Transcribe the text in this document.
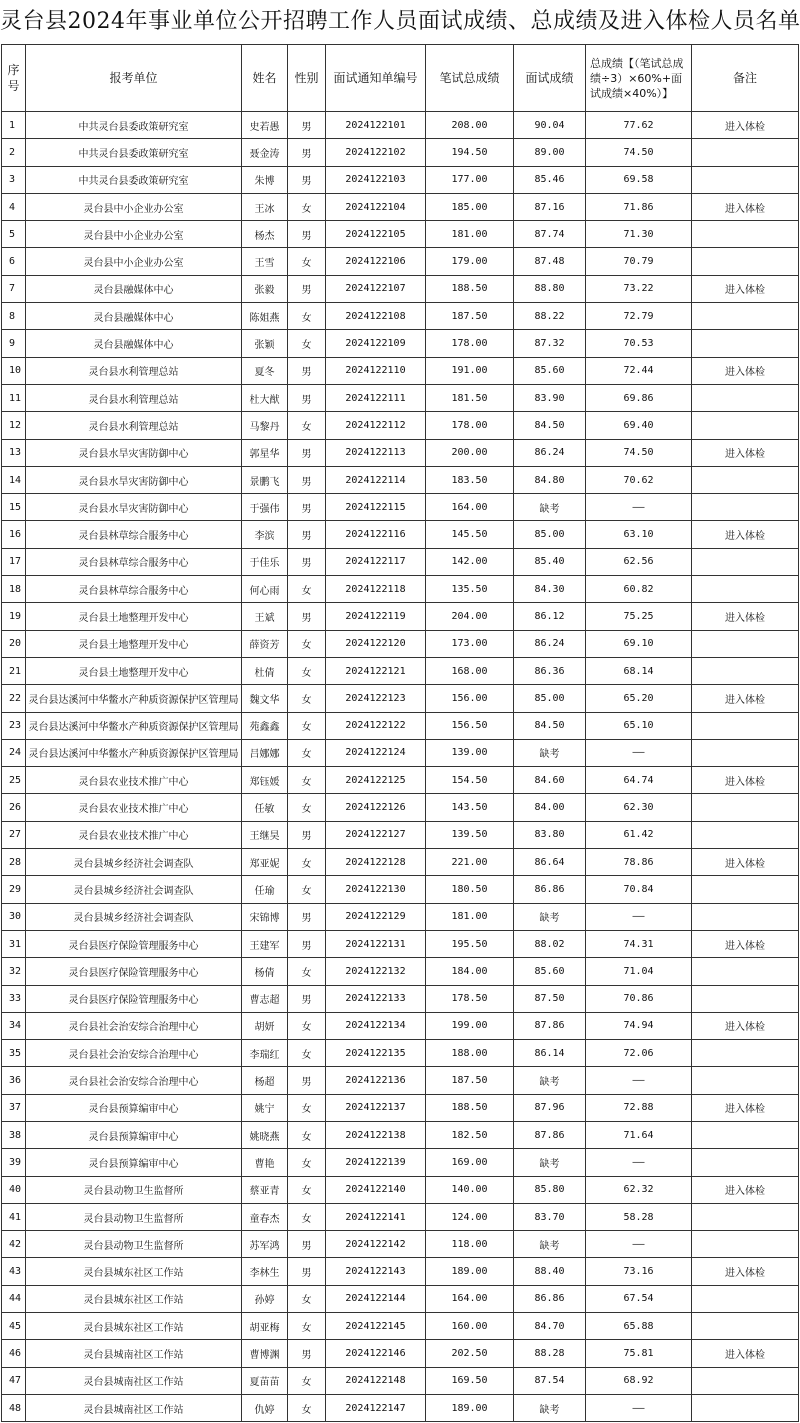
灵台县2024年事业单位公开招聘工作人员面试成绩、总成绩及进入体检人员名单
序号	报考单位	姓名	性别	面试通知单编号	笔试总成绩	面试成绩	总成绩【（笔试总成绩÷3）×60%+面试成绩×40%）】	备注
1	中共灵台县委政策研究室	史若愚	男	2024122101	208.00	90.04	77.62	进入体检
2	中共灵台县委政策研究室	聂金涛	男	2024122102	194.50	89.00	74.50	
3	中共灵台县委政策研究室	朱博	男	2024122103	177.00	85.46	69.58	
4	灵台县中小企业办公室	王冰	女	2024122104	185.00	87.16	71.86	进入体检
5	灵台县中小企业办公室	杨杰	男	2024122105	181.00	87.74	71.30	
6	灵台县中小企业办公室	王雪	女	2024122106	179.00	87.48	70.79	
7	灵台县融媒体中心	张毅	男	2024122107	188.50	88.80	73.22	进入体检
8	灵台县融媒体中心	陈姐燕	女	2024122108	187.50	88.22	72.79	
9	灵台县融媒体中心	张颖	女	2024122109	178.00	87.32	70.53	
10	灵台县水利管理总站	夏冬	男	2024122110	191.00	85.60	72.44	进入体检
11	灵台县水利管理总站	杜大猷	男	2024122111	181.50	83.90	69.86	
12	灵台县水利管理总站	马黎丹	女	2024122112	178.00	84.50	69.40	
13	灵台县水旱灾害防御中心	郭星华	男	2024122113	200.00	86.24	74.50	进入体检
14	灵台县水旱灾害防御中心	景鹏飞	男	2024122114	183.50	84.80	70.62	
15	灵台县水旱灾害防御中心	于强伟	男	2024122115	164.00	缺考	——	
16	灵台县林草综合服务中心	李滨	男	2024122116	145.50	85.00	63.10	进入体检
17	灵台县林草综合服务中心	于佳乐	男	2024122117	142.00	85.40	62.56	
18	灵台县林草综合服务中心	何心雨	女	2024122118	135.50	84.30	60.82	
19	灵台县土地整理开发中心	王斌	男	2024122119	204.00	86.12	75.25	进入体检
20	灵台县土地整理开发中心	薛资芳	女	2024122120	173.00	86.24	69.10	
21	灵台县土地整理开发中心	杜倩	女	2024122121	168.00	86.36	68.14	
22	灵台县达溪河中华鳖水产种质资源保护区管理局	魏文华	女	2024122123	156.00	85.00	65.20	进入体检
23	灵台县达溪河中华鳖水产种质资源保护区管理局	苑鑫鑫	女	2024122122	156.50	84.50	65.10	
24	灵台县达溪河中华鳖水产种质资源保护区管理局	吕娜娜	女	2024122124	139.00	缺考	——	
25	灵台县农业技术推广中心	郑钰媛	女	2024122125	154.50	84.60	64.74	进入体检
26	灵台县农业技术推广中心	任敏	女	2024122126	143.50	84.00	62.30	
27	灵台县农业技术推广中心	王继昊	男	2024122127	139.50	83.80	61.42	
28	灵台县城乡经济社会调查队	郑亚妮	女	2024122128	221.00	86.64	78.86	进入体检
29	灵台县城乡经济社会调查队	任瑜	女	2024122130	180.50	86.86	70.84	
30	灵台县城乡经济社会调查队	宋锦博	男	2024122129	181.00	缺考	——	
31	灵台县医疗保险管理服务中心	王建军	男	2024122131	195.50	88.02	74.31	进入体检
32	灵台县医疗保险管理服务中心	杨倩	女	2024122132	184.00	85.60	71.04	
33	灵台县医疗保险管理服务中心	曹志超	男	2024122133	178.50	87.50	70.86	
34	灵台县社会治安综合治理中心	胡妍	女	2024122134	199.00	87.86	74.94	进入体检
35	灵台县社会治安综合治理中心	李瑞红	女	2024122135	188.00	86.14	72.06	
36	灵台县社会治安综合治理中心	杨超	男	2024122136	187.50	缺考	——	
37	灵台县预算编审中心	姚宁	女	2024122137	188.50	87.96	72.88	进入体检
38	灵台县预算编审中心	姚晓燕	女	2024122138	182.50	87.86	71.64	
39	灵台县预算编审中心	曹艳	女	2024122139	169.00	缺考	——	
40	灵台县动物卫生监督所	蔡亚青	女	2024122140	140.00	85.80	62.32	进入体检
41	灵台县动物卫生监督所	童春杰	女	2024122141	124.00	83.70	58.28	
42	灵台县动物卫生监督所	苏军鸿	男	2024122142	118.00	缺考	——	
43	灵台县城东社区工作站	李林生	男	2024122143	189.00	88.40	73.16	进入体检
44	灵台县城东社区工作站	孙婷	女	2024122144	164.00	86.86	67.54	
45	灵台县城东社区工作站	胡亚梅	女	2024122145	160.00	84.70	65.88	
46	灵台县城南社区工作站	曹博渊	男	2024122146	202.50	88.28	75.81	进入体检
47	灵台县城南社区工作站	夏苗苗	女	2024122148	169.50	87.54	68.92	
48	灵台县城南社区工作站	仇婷	女	2024122147	189.00	缺考	——	
